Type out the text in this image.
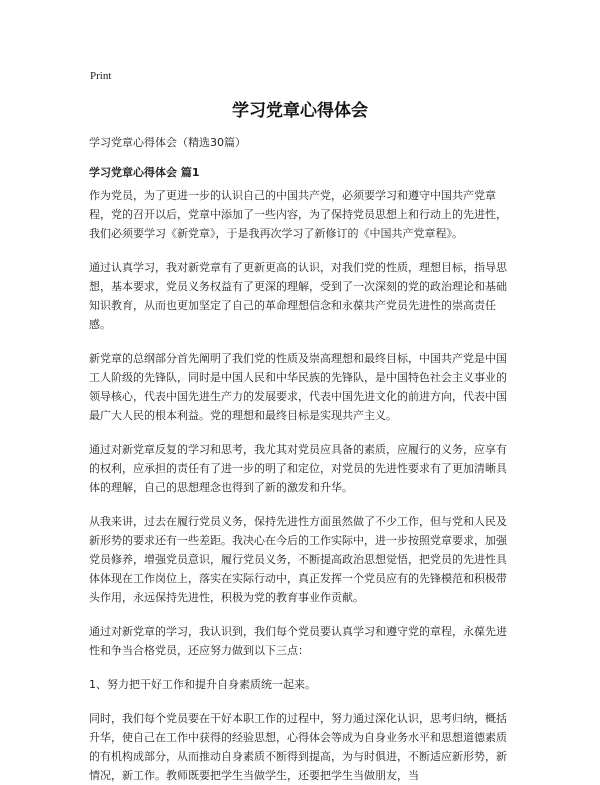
Print
学习党章心得体会

学习党章心得体会（精选30篇）

学习党章心得体会 篇1

作为党员，为了更进一步的认识自己的中国共产党，必须要学习和遵守中国共产党章程，党的召开以后，党章中添加了一些内容，为了保持党员思想上和行动上的先进性，我们必须要学习《新党章》，于是我再次学习了新修订的《中国共产党章程》。

通过认真学习，我对新党章有了更新更高的认识，对我们党的性质，理想目标，指导思想，基本要求，党员义务权益有了更深的理解，受到了一次深刻的党的政治理论和基础知识教育，从而也更加坚定了自己的革命理想信念和永葆共产党员先进性的崇高责任感。

新党章的总纲部分首先阐明了我们党的性质及崇高理想和最终目标，中国共产党是中国工人阶级的先锋队，同时是中国人民和中华民族的先锋队，是中国特色社会主义事业的领导核心，代表中国先进生产力的发展要求，代表中国先进文化的前进方向，代表中国最广大人民的根本利益。党的理想和最终目标是实现共产主义。

通过对新党章反复的学习和思考，我尤其对党员应具备的素质，应履行的义务，应享有的权利，应承担的责任有了进一步的明了和定位，对党员的先进性要求有了更加清晰具体的理解，自己的思想理念也得到了新的激发和升华。

从我来讲，过去在履行党员义务，保持先进性方面虽然做了不少工作，但与党和人民及新形势的要求还有一些差距。我决心在今后的工作实际中，进一步按照党章要求，加强党员修养，增强党员意识，履行党员义务，不断提高政治思想觉悟，把党员的先进性具体体现在工作岗位上，落实在实际行动中，真正发挥一个党员应有的先锋模范和积极带头作用，永远保持先进性，积极为党的教育事业作贡献。

通过对新党章的学习，我认识到，我们每个党员要认真学习和遵守党的章程，永葆先进性和争当合格党员，还应努力做到以下三点：

1、努力把干好工作和提升自身素质统一起来。

同时，我们每个党员要在干好本职工作的过程中，努力通过深化认识，思考归纳，概括升华，使自己在工作中获得的经验思想，心得体会等成为自身业务水平和思想道德素质的有机构成部分，从而推动自身素质不断得到提高，为与时俱进，不断适应新形势，新情况，新工作。教师既要把学生当做学生，还要把学生当做朋友，当
